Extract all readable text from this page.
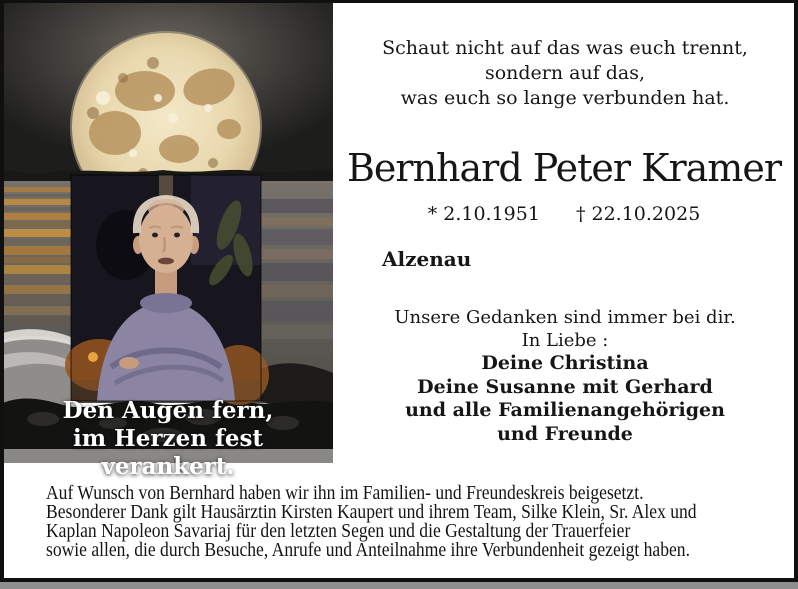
Den Augen fern,
im Herzen fest verankert.
Schaut nicht auf das was euch trennt,
sondern auf das,
was euch so lange verbunden hat.
Bernhard Peter Kramer
* 2.10.1951 † 22.10.2025
Alzenau
Unsere Gedanken sind immer bei dir.
In Liebe :
Deine Christina
Deine Susanne mit Gerhard
und alle Familienangehörigen
und Freunde
Auf Wunsch von Bernhard haben wir ihn im Familien- und Freundeskreis beigesetzt.
Besonderer Dank gilt Hausärztin Kirsten Kaupert und ihrem Team, Silke Klein, Sr. Alex und
Kaplan Napoleon Savariaj für den letzten Segen und die Gestaltung der Trauerfeier
sowie allen, die durch Besuche, Anrufe und Anteilnahme ihre Verbundenheit gezeigt haben.
